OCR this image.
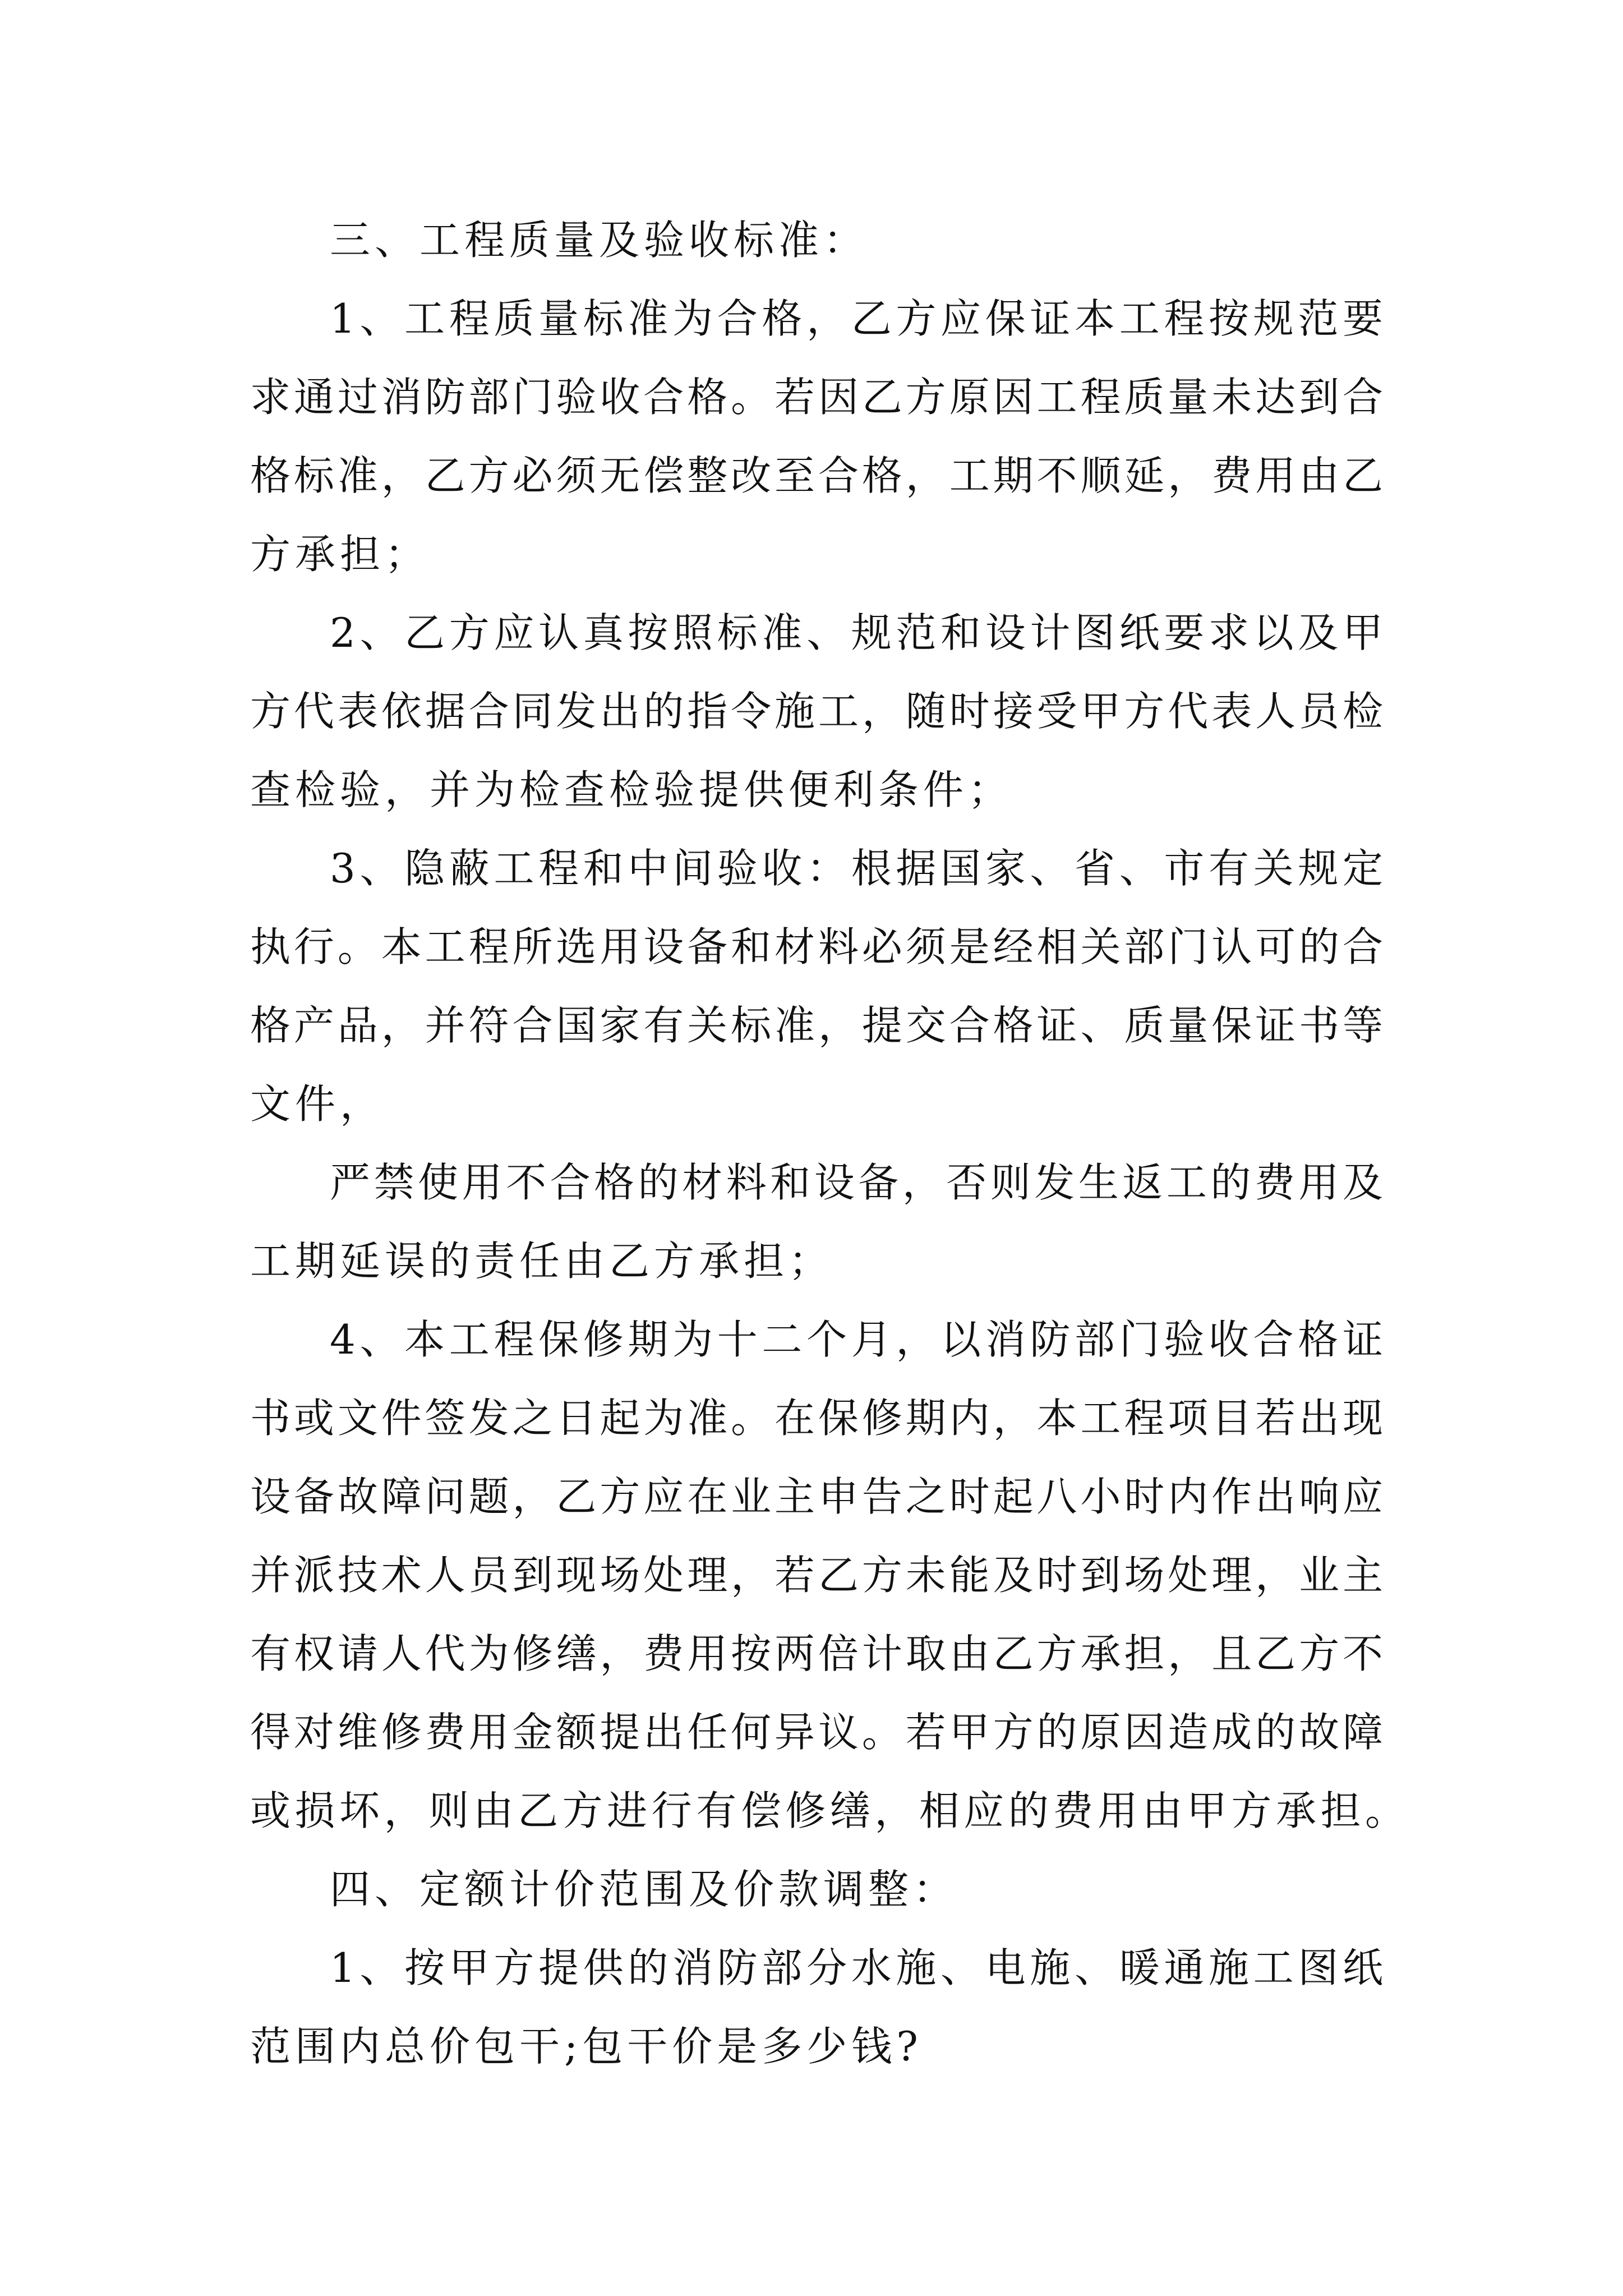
三、工程质量及验收标准：

1、工程质量标准为合格，乙方应保证本工程按规范要

求通过消防部门验收合格。若因乙方原因工程质量未达到合

格标准，乙方必须无偿整改至合格，工期不顺延，费用由乙

方承担；

2、乙方应认真按照标准、规范和设计图纸要求以及甲

方代表依据合同发出的指令施工，随时接受甲方代表人员检

查检验，并为检查检验提供便利条件；

3、隐蔽工程和中间验收：根据国家、省、市有关规定

执行。本工程所选用设备和材料必须是经相关部门认可的合

格产品，并符合国家有关标准，提交合格证、质量保证书等

文件，

严禁使用不合格的材料和设备，否则发生返工的费用及

工期延误的责任由乙方承担；

4、本工程保修期为十二个月，以消防部门验收合格证

书或文件签发之日起为准。在保修期内，本工程项目若出现

设备故障问题，乙方应在业主申告之时起八小时内作出响应

并派技术人员到现场处理，若乙方未能及时到场处理，业主

有权请人代为修缮，费用按两倍计取由乙方承担，且乙方不

得对维修费用金额提出任何异议。若甲方的原因造成的故障

或损坏，则由乙方进行有偿修缮，相应的费用由甲方承担。

四、定额计价范围及价款调整：

1、按甲方提供的消防部分水施、电施、暖通施工图纸

范围内总价包干;包干价是多少钱?
